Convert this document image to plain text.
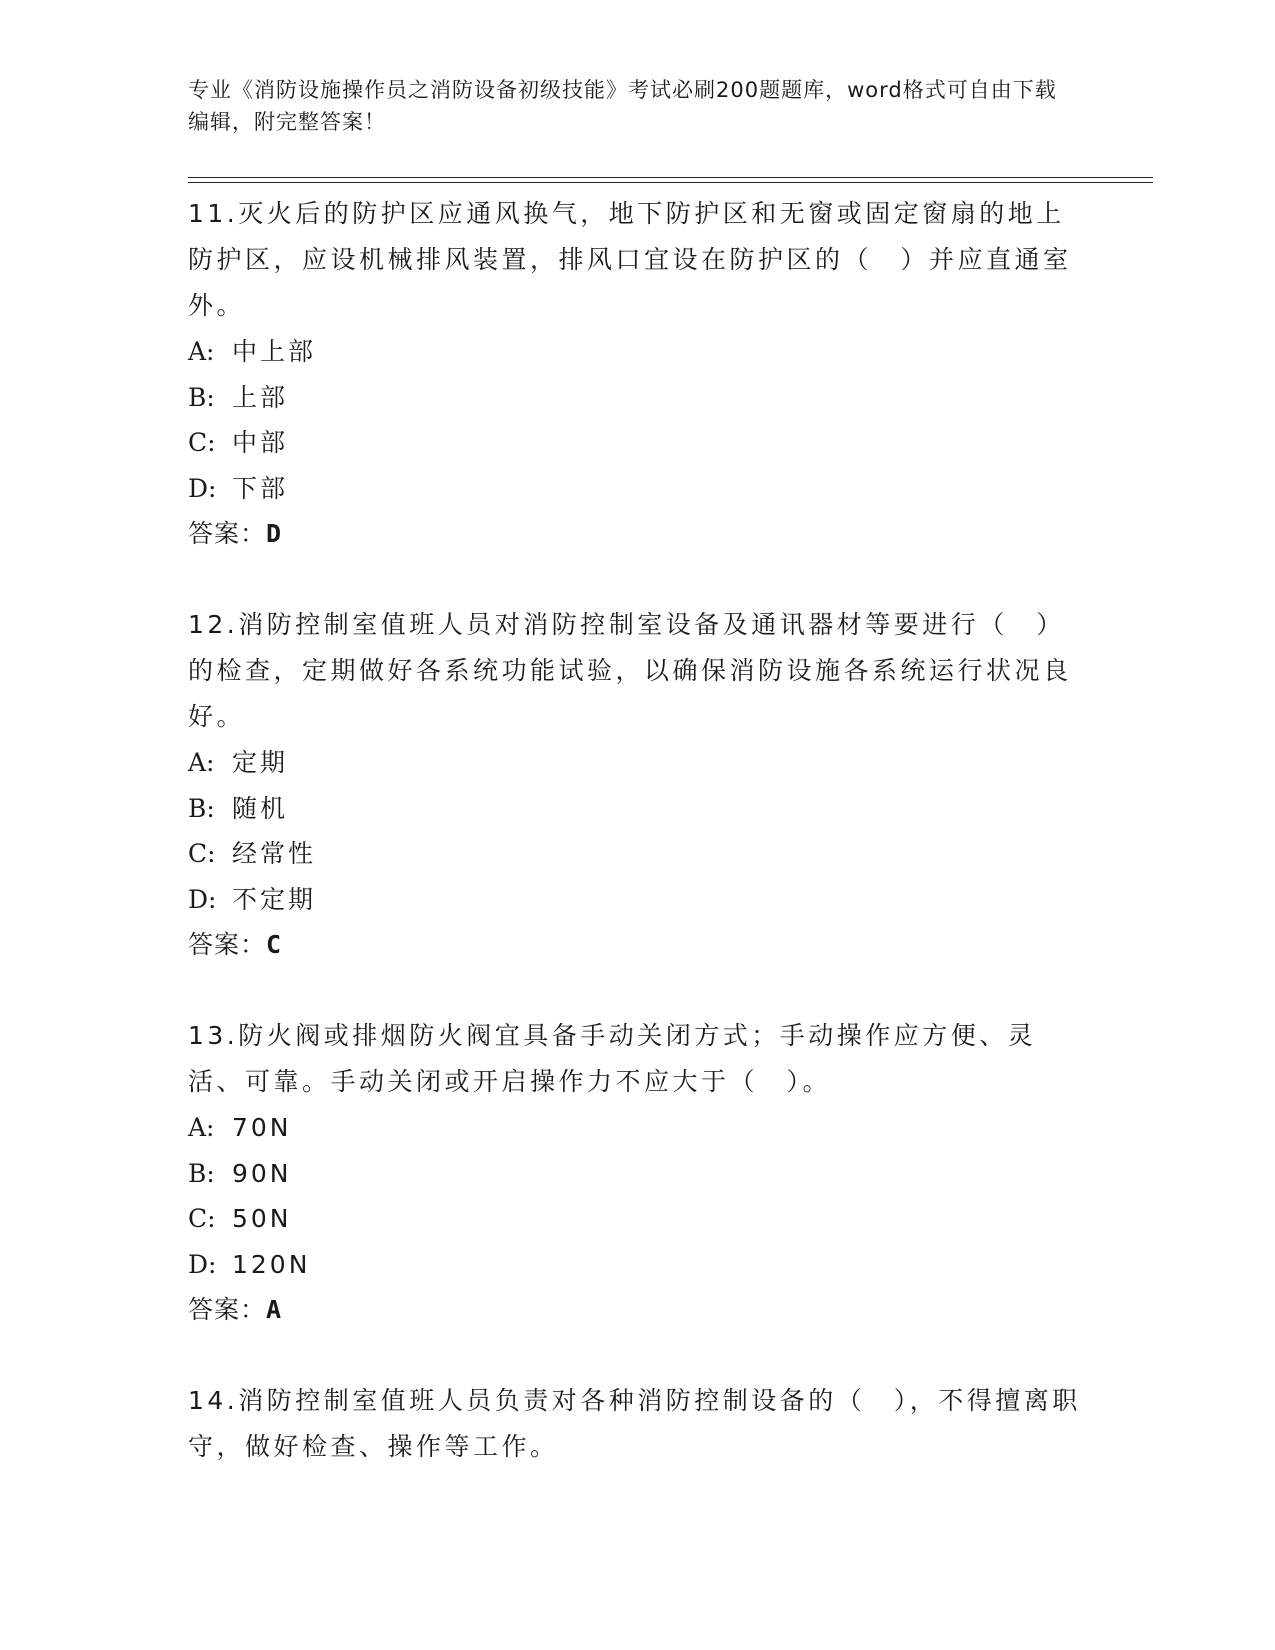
专业《消防设施操作员之消防设备初级技能》考试必刷200题题库，word格式可自由下载编辑，附完整答案！

11.灭火后的防护区应通风换气，地下防护区和无窗或固定窗扇的地上防护区，应设机械排风装置，排风口宜设在防护区的（　）并应直通室外。

A: 中上部

B: 上部

C: 中部

D: 下部

答案：D

12.消防控制室值班人员对消防控制室设备及通讯器材等要进行（　）的检查，定期做好各系统功能试验，以确保消防设施各系统运行状况良好。

A: 定期

B: 随机

C: 经常性

D: 不定期

答案：C

13.防火阀或排烟防火阀宜具备手动关闭方式；手动操作应方便、灵活、可靠。手动关闭或开启操作力不应大于（　）。

A: 70N

B: 90N

C: 50N

D: 120N

答案：A

14.消防控制室值班人员负责对各种消防控制设备的（　），不得擅离职守，做好检查、操作等工作。
